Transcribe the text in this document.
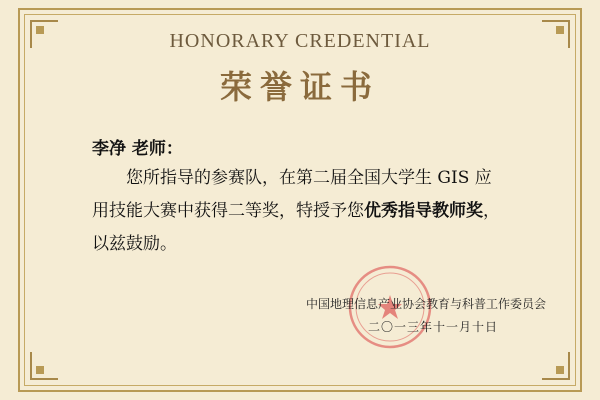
HONORARY CREDENTIAL
荣誉证书
李净 老师：
您所指导的参赛队，在第二届全国大学生 GIS 应
用技能大赛中获得二等奖，特授予您优秀指导教师奖，
以兹鼓励。
中国地理信息产业协会教育与科普工作委员会
二〇一三年十一月十日
